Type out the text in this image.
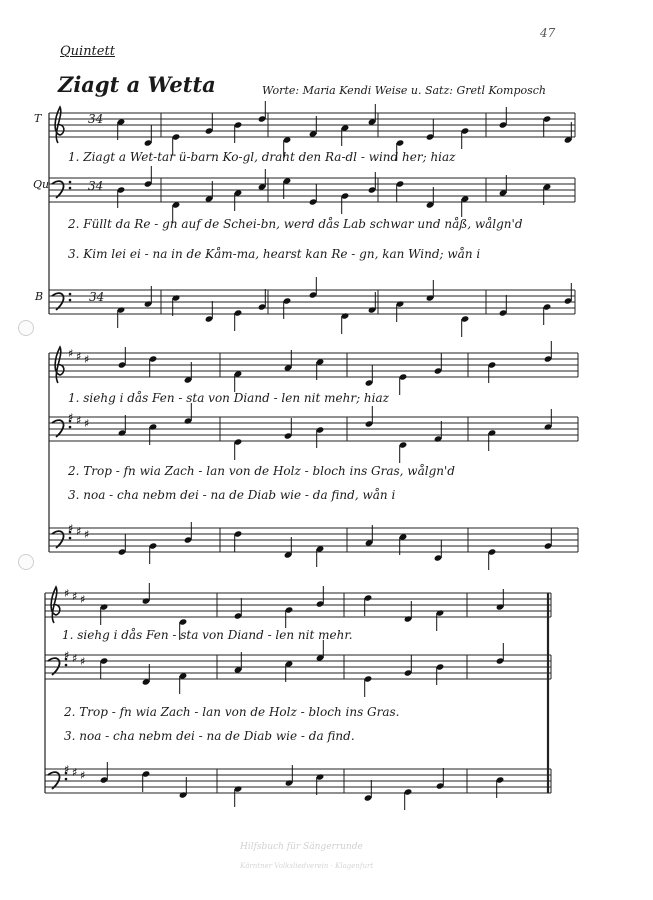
47
Quintett
Ziagt a Wetta	Worte: Maria Kendi Weise u. Satz: Gretl Komposch
T
Qu
B
34
34
34
1. Ziagt a Wet-tar ü-barn Ko-gl, draht den Ra-dl - wind her; hiaz
2. Füllt da Re - gn auf de Schei-bn, werd dås Lab schwar und nåß, wålgn'd
3. Kim lei ei - na in de Kåm-ma, hearst kan Re - gn, kan Wind; wån i
1. siehg i dås Fen - sta von Diand - len nit mehr; hiaz
2. Trop - fn wia Zach - lan von de Holz - bloch ins Gras, wålgn'd
3. noa - cha nebm dei - na de Diab wie - da find, wån i
1. siehg i dås Fen - sta von Diand - len nit mehr.
2. Trop - fn wia Zach - lan von de Holz - bloch ins Gras.
3. noa - cha nebm dei - na de Diab wie - da find.
Hilfsbuch für Sängerrunde
Kärntner Volksliedverein · Klagenfurt
♯ ♯ ♯
♯ ♯ ♯
♯ ♯ ♯
♯ ♯ ♯
♯ ♯ ♯
♯ ♯ ♯
